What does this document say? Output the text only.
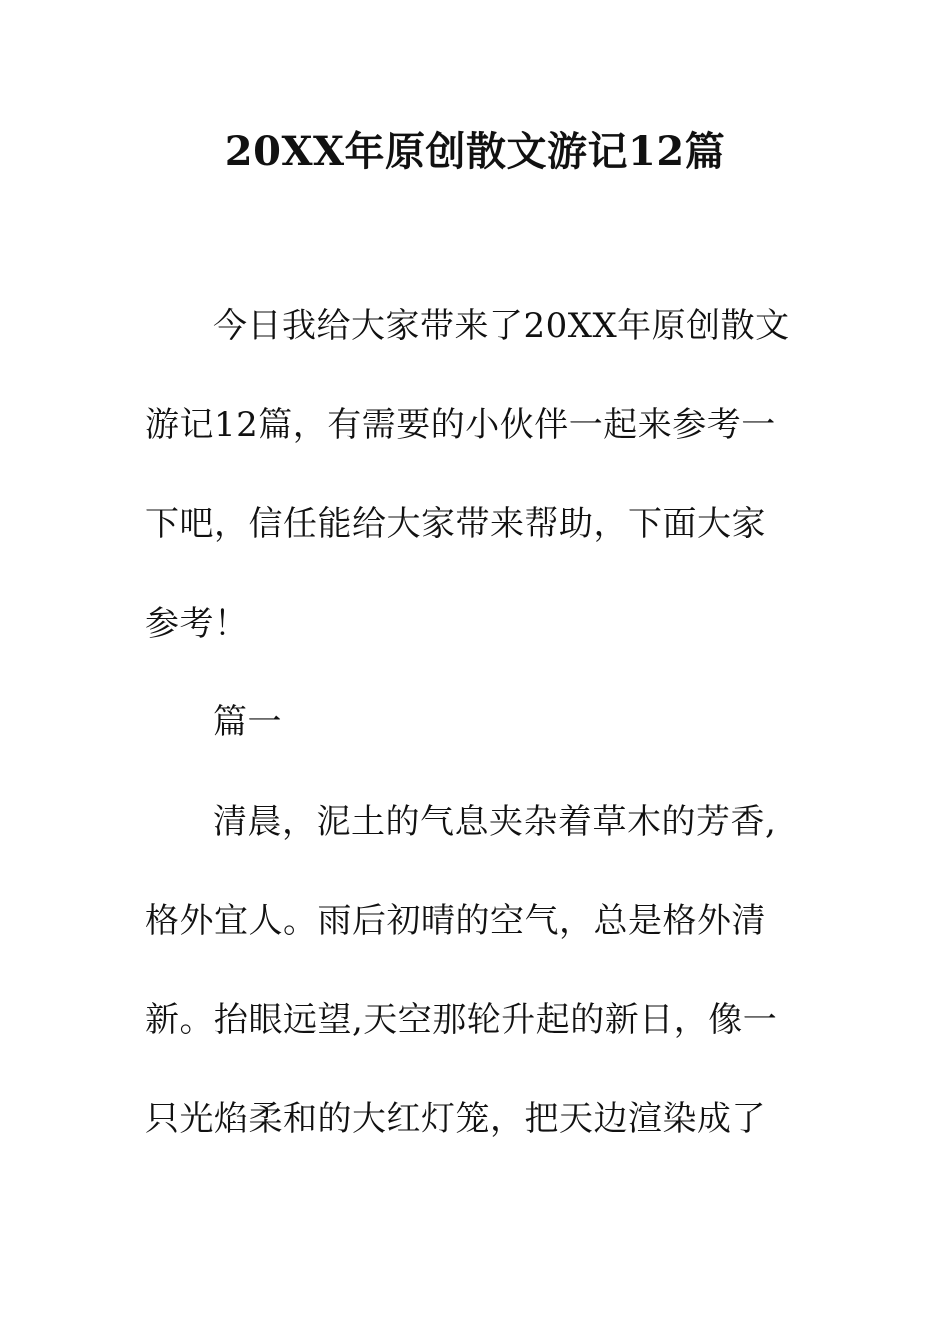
20XX年原创散文游记12篇
今日我给大家带来了20XX年原创散文
游记12篇，有需要的小伙伴一起来参考一
下吧，信任能给大家带来帮助，下面大家
参考！
篇一
清晨，泥土的气息夹杂着草木的芳香,
格外宜人。雨后初晴的空气，总是格外清
新。抬眼远望,天空那轮升起的新日，像一
只光焰柔和的大红灯笼，把天边渲染成了
